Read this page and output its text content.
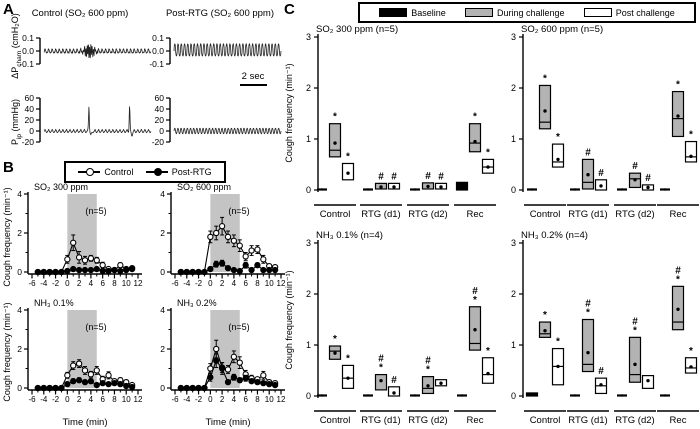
A	Control (SO₂ 600 ppm)	Post-RTG (SO₂ 600 ppm)
$\Delta P_{cham}$ (cmH₂O)
$P_{ip}$ (mmHg)
0.1
0.0
-0.1
0.1
0.0
-0.1
60
40
20
0
-20
60
40
20
0
-20
2 sec
B	Control	Post-RTG
Cough frequency (min⁻¹)
Cough frequency (min⁻¹)
-6 -4 -2 0 2 4 6 8 10 12
0
2
4
SO₂ 300 ppm
(n=5)
-6 -4 -2 0 2 4 6 8 10 12
0
2
4
SO₂ 600 ppm
(n=5)
-6 -4 -2 0 2 4 6 8 10 12
0
2
4
NH₃ 0.1%
(n=5)
Time (min)
-6 -4 -2 0 2 4 6 8 10 12
0
2
4
NH₃ 0.2%
(n=5)
Time (min)
C	Baseline	During challenge	Post challenge
Cough frequency (min⁻¹)
Cough frequency (min⁻¹)
0
1
2
3
Control
*
*
RTG (d1)
# #
RTG (d2)
# #
Rec
*
*
SO₂ 300 ppm (n=5)
0
1
2
3
Control
*
*
RTG (d1)
#
#
RTG (d2)
#
#
Rec
*
*
SO₂ 600 ppm (n=5)
0
1
2
3
Control
*
*
RTG (d1)
*
#
#
RTG (d2)
*
#
Rec
*
#
*
NH₃ 0.1% (n=4)
0
1
2
3
Control
*
*
RTG (d1)
*
#
#
RTG (d2)
*
#
Rec
*
#
*
NH₃ 0.2% (n=4)
